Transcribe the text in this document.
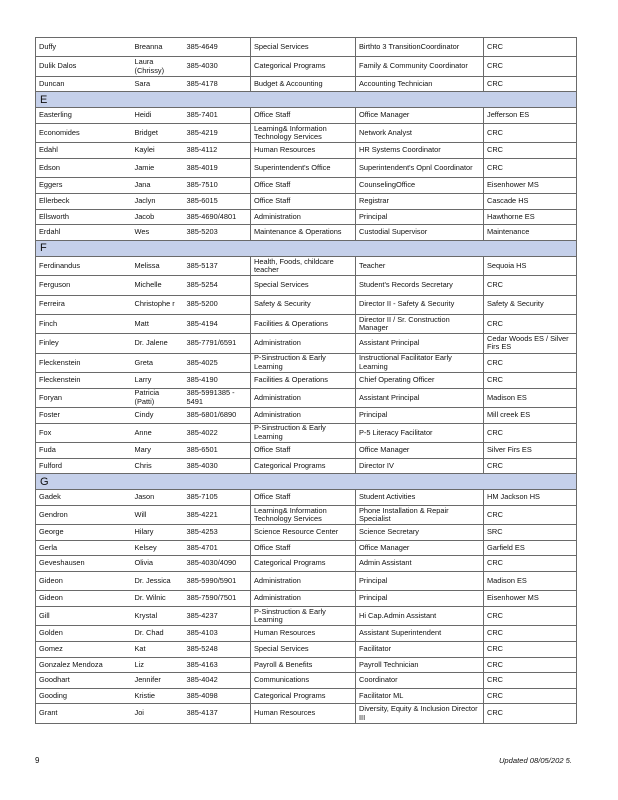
Duffy	Breanna	385-4649	Special Services	Birthto 3 TransitionCoordinator	CRC
Dulik Dalos	Laura (Chrissy)	385-4030	Categorical Programs	Family & Community Coordinator	CRC
Duncan	Sara	385-4178	Budget & Accounting	Accounting Technician	CRC
E					
Easterling	Heidi	385-7401	Office Staff	Office Manager	Jefferson ES
Economides	Bridget	385-4219	Learning& Information Technology Services	Network Analyst	CRC
Edahl	Kaylei	385-4112	Human Resources	HR Systems Coordinator	CRC
Edson	Jamie	385-4019	Superintendent's Office	Superintendent's Opnl Coordinator	CRC
Eggers	Jana	385-7510	Office Staff	CounselingOffice	Eisenhower MS
Ellerbeck	Jaclyn	385-6015	Office Staff	Registrar	Cascade HS
Ellsworth	Jacob	385-4690/4801	Administration	Principal	Hawthorne ES
Erdahl	Wes	385-5203	Maintenance & Operations	Custodial Supervisor	Maintenance
F					
Ferdinandus	Melissa	385-5137	Health, Foods, childcare teacher	Teacher	Sequoia HS
Ferguson	Michelle	385-5254	Special Services	Student's Records Secretary	CRC
Ferreira	Christophe r	385-5200	Safety & Security	Director II - Safety & Security	Safety & Security
Finch	Matt	385-4194	Facilities & Operations	Director II / Sr. Construction Manager	CRC
Finley	Dr. Jalene	385-7791/6591	Administration	Assistant Principal	Cedar Woods ES / Silver Firs ES
Fleckenstein	Greta	385-4025	P-Sinstruction & Early Learning	Instructional Facilitator Early Learning	CRC
Fleckenstein	Larry	385-4190	Facilities & Operations	Chief Operating Officer	CRC
Foryan	Patricia (Patti)	385-5991385 - 5491	Administration	Assistant Principal	Madison ES
Foster	Cindy	385-6801/6890	Administration	Principal	Mill creek ES
Fox	Anne	385-4022	P-Sinstruction & Early Learning	P-5 Literacy Facilitator	CRC
Fuda	Mary	385-6501	Office Staff	Office Manager	Silver Firs ES
Fulford	Chris	385-4030	Categorical Programs	Director IV	CRC
G					
Gadek	Jason	385-7105	Office Staff	Student Activities	HM Jackson HS
Gendron	Will	385-4221	Learning& Information Technology Services	Phone Installation & Repair Specialist	CRC
George	Hilary	385-4253	Science Resource Center	Science Secretary	SRC
Gerla	Kelsey	385-4701	Office Staff	Office Manager	Garfield ES
Geveshausen	Olivia	385-4030/4090	Categorical Programs	Admin Assistant	CRC
Gideon	Dr. Jessica	385-5990/5901	Administration	Principal	Madison ES
Gideon	Dr. Wilnic	385-7590/7501	Administration	Principal	Eisenhower MS
Gill	Krystal	385-4237	P-Sinstruction & Early Learning	Hi Cap.Admin Assistant	CRC
Golden	Dr. Chad	385-4103	Human Resources	Assistant Superintendent	CRC
Gomez	Kat	385-5248	Special Services	Facilitator	CRC
Gonzalez Mendoza	Liz	385-4163	Payroll & Benefits	Payroll Technician	CRC
Goodhart	Jennifer	385-4042	Communications	Coordinator	CRC
Gooding	Kristie	385-4098	Categorical Programs	Facilitator ML	CRC
Grant	Joi	385-4137	Human Resources	Diversity, Equity & Inclusion Director III	CRC
9	Updated 08/05/202 5.
